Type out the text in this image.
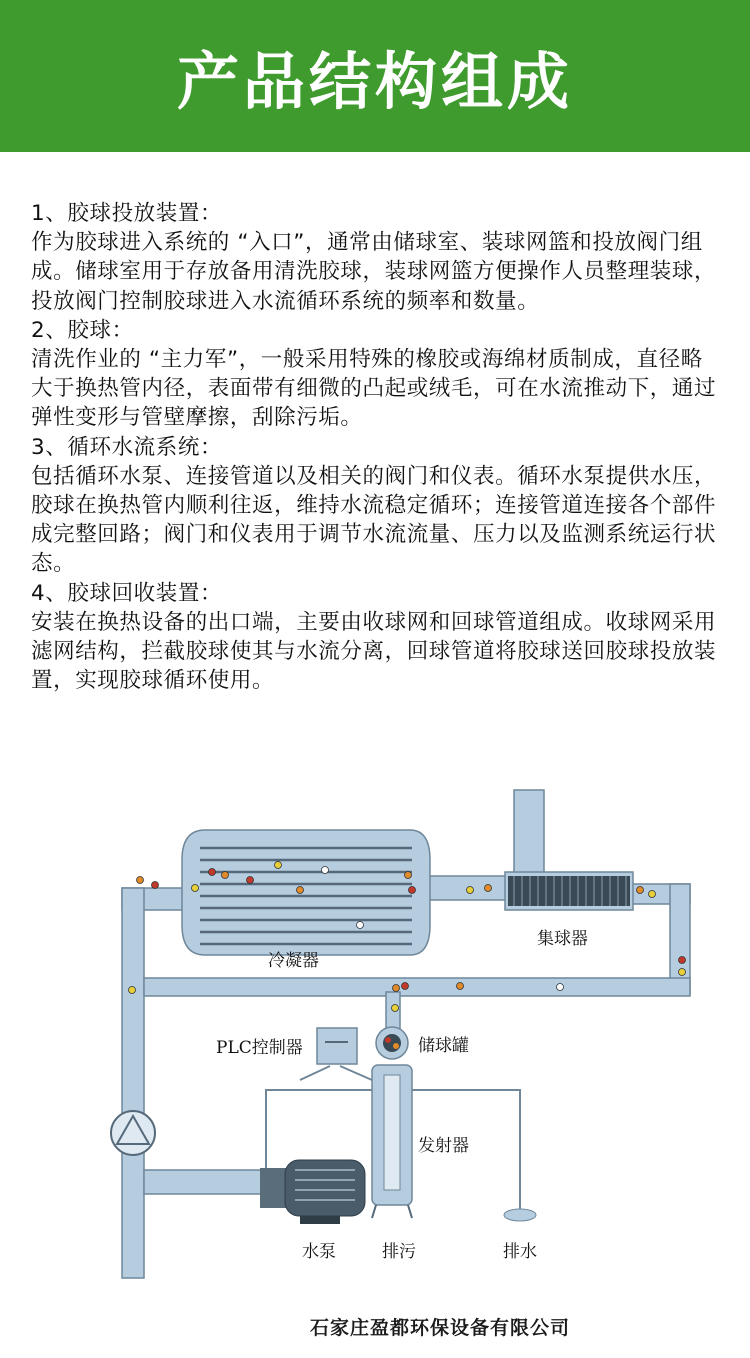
产品结构组成

1、胶球投放装置：

作为胶球进入系统的 “入口”，通常由储球室、装球网篮和投放阀门组成。储球室用于存放备用清洗胶球，装球网篮方便操作人员整理装球，投放阀门控制胶球进入水流循环系统的频率和数量。

2、胶球：

清洗作业的 “主力军”，一般采用特殊的橡胶或海绵材质制成，直径略大于换热管内径，表面带有细微的凸起或绒毛，可在水流推动下，通过弹性变形与管壁摩擦，刮除污垢。

3、循环水流系统：

包括循环水泵、连接管道以及相关的阀门和仪表。循环水泵提供水压，胶球在换热管内顺利往返，维持水流稳定循环；连接管道连接各个部件成完整回路；阀门和仪表用于调节水流流量、压力以及监测系统运行状态。

4、胶球回收装置：

安装在换热设备的出口端，主要由收球网和回球管道组成。收球网采用滤网结构，拦截胶球使其与水流分离，回球管道将胶球送回胶球投放装置，实现胶球循环使用。

冷凝器
集球器
PLC控制器	储球罐
发射器
水泵	排污	排水
石家庄盈都环保设备有限公司
